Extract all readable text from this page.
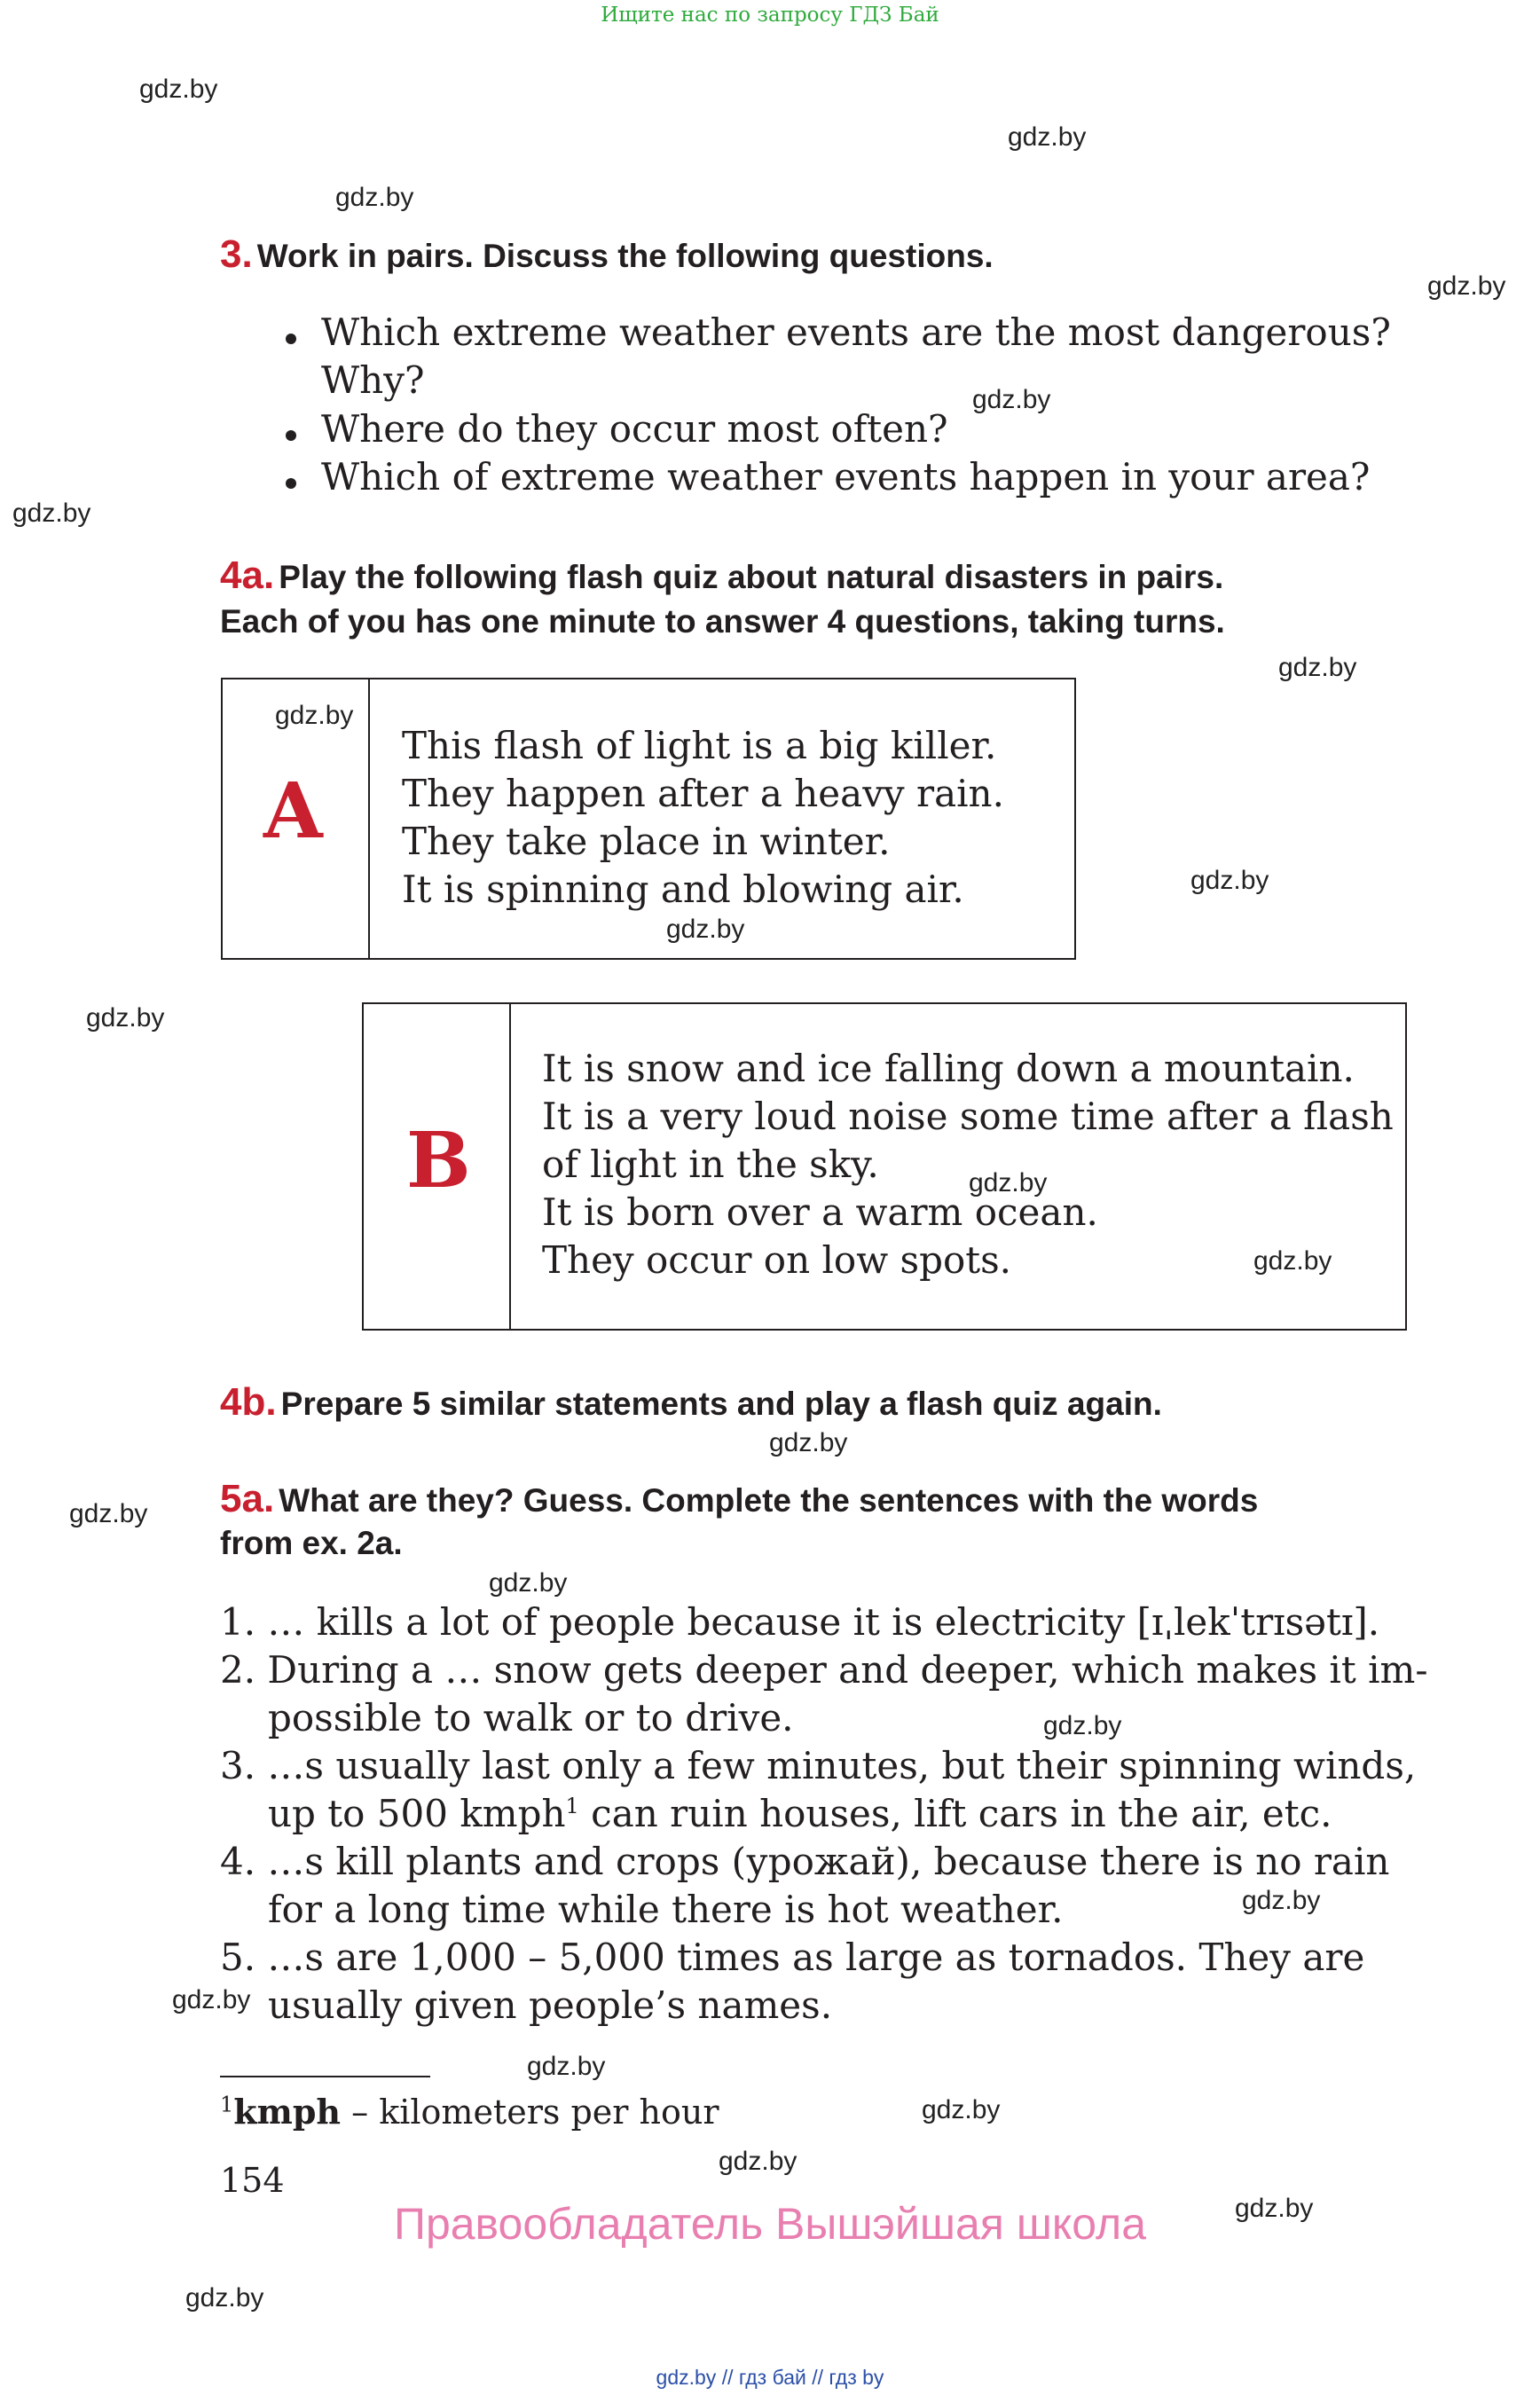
Ищите нас по запросу ГДЗ Бай
gdz.by
gdz.by
gdz.by
gdz.by
gdz.by
gdz.by
gdz.by
gdz.by
gdz.by
gdz.by
gdz.by
gdz.by
gdz.by
gdz.by
gdz.by
gdz.by
gdz.by
gdz.by
gdz.by
gdz.by
gdz.by
gdz.by
gdz.by
gdz.by
3. Work in pairs. Discuss the following questions.
Which extreme weather events are the most dangerous?
Why?
Where do they occur most often?
Which of extreme weather events happen in your area?
4a. Play the following flash quiz about natural disasters in pairs.
Each of you has one minute to answer 4 questions, taking turns.
A
This flash of light is a big killer.
They happen after a heavy rain.
They take place in winter.
It is spinning and blowing air.
B
It is snow and ice falling down a mountain.
It is a very loud noise some time after a flash
of light in the sky.
It is born over a warm ocean.
They occur on low spots.
4b. Prepare 5 similar statements and play a flash quiz again.
5a. What are they? Guess. Complete the sentences with the words
from ex. 2a.
1. … kills a lot of people because it is electricity [ɪˌlekˈtrɪsətɪ].
2. During a … snow gets deeper and deeper, which makes it im-
possible to walk or to drive.
3. …s usually last only a few minutes, but their spinning winds,
up to 500 kmph$^1$ can ruin houses, lift cars in the air, etc.
4. …s kill plants and crops (урожай), because there is no rain
for a long time while there is hot weather.
5. …s are 1,000 – 5,000 times as large as tornados. They are
usually given people’s names.
$^1$kmph – kilometers per hour
154
Правообладатель Вышэйшая школа
gdz.by // гдз бай // гдз by
